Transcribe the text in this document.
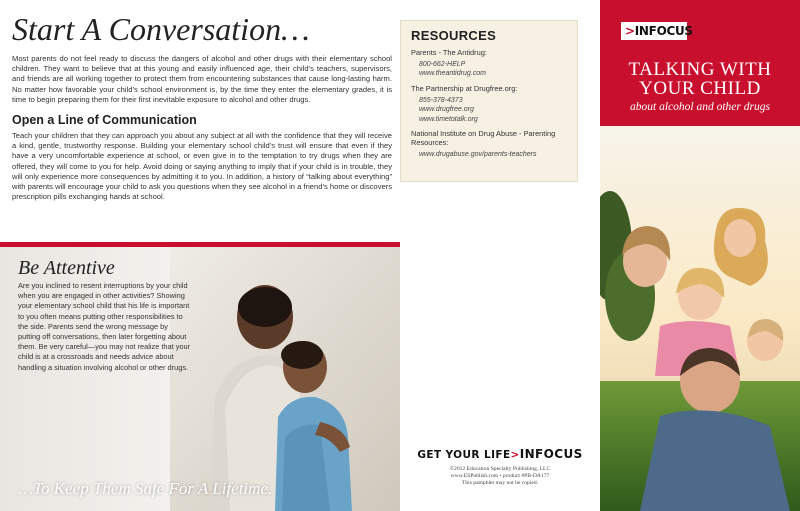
Start A Conversation…

Most parents do not feel ready to discuss the dangers of alcohol and other drugs with their elementary school children. They want to believe that at this young and easily influenced age, their child’s teachers, supervisors, and friends are all working together to protect them from encountering substances that cause long-lasting harm. No matter how favorable your child’s school environment is, by the time they enter the elementary grades, it is time to begin preparing them for their first inevitable exposure to alcohol and other drugs.

Open a Line of Communication

Teach your children that they can approach you about any subject at all with the confidence that they will receive a kind, gentle, trustworthy response. Building your elementary school child’s trust will ensure that even if they have a very uncomfortable experience at school, or even give in to the temptation to try drugs when they are offered, they will come to you for help. Avoid doing or saying anything to imply that if your child is in trouble, they will only experience more consequences by admitting it to you. In addition, a history of “talking about everything” with parents will encourage your child to ask you questions when they see alcohol in a friend’s home or discovers prescription pills exchanging hands at school.

RESOURCES
Parents - The Antidrug:
800-662-HELP
www.theantidrug.com
The Partnership at Drugfree.org:
855-378-4373
www.drugfree.org
www.timetotalk.org
National Institute on Drug Abuse - Parenting Resources:
www.drugabuse.gov/parents-teachers
Be Attentive

Are you inclined to resent interruptions by your child when you are engaged in other activities? Showing your elementary school child that his life is important to you often means putting other responsibilities to the side. Parents send the wrong message by putting off conversations, then later forgetting about them. Be very careful—you may not realize that your child is at a crossroads and needs advice about handling a situation involving alcohol or other drugs.

…To Keep Them Safe For A Lifetime.
GET YOUR LIFE>INFOCUS
©2012 Education Specialty Publishing, LLC
www.ESPublish.com • product #PB-DA177
This pamphlet may not be copied.
>INFOCUS
TALKING WITH
YOUR CHILD
about alcohol and other drugs
